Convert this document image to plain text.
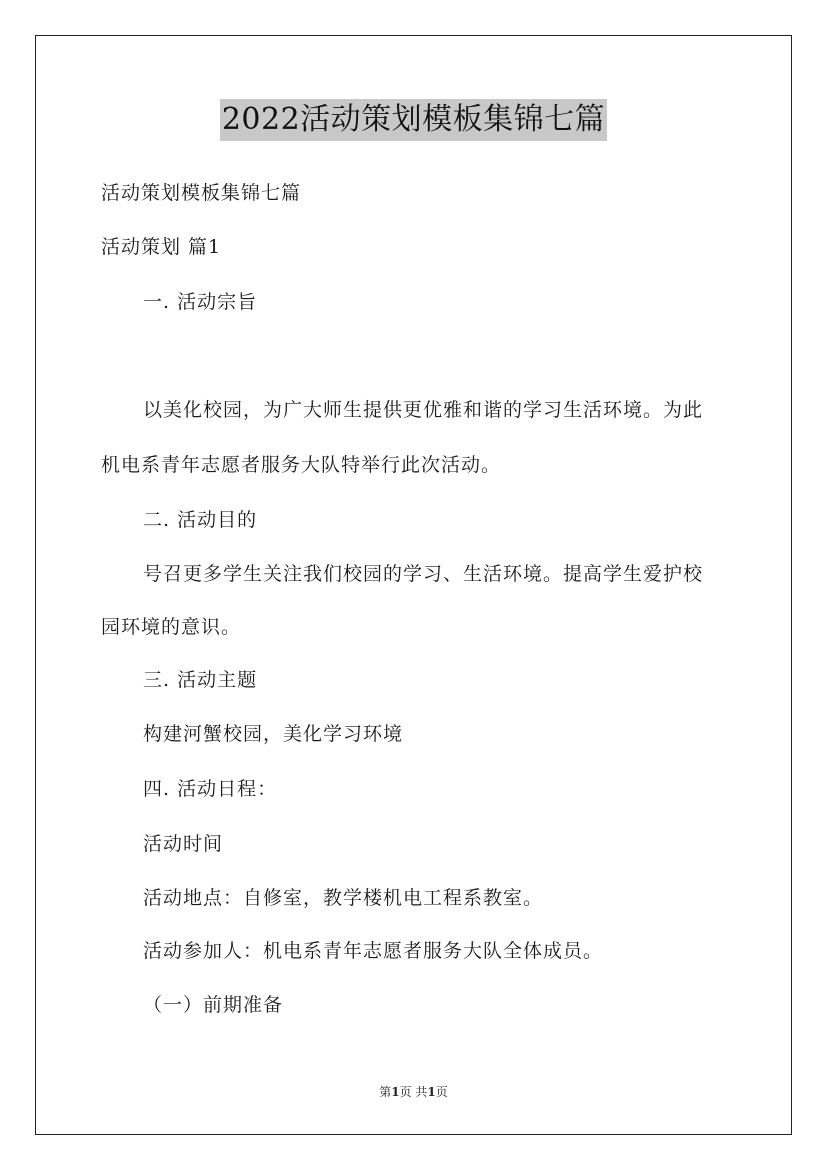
2022活动策划模板集锦七篇
活动策划模板集锦七篇
活动策划 篇1
一. 活动宗旨
以美化校园，为广大师生提供更优雅和谐的学习生活环境。为此
机电系青年志愿者服务大队特举行此次活动。
二. 活动目的
号召更多学生关注我们校园的学习、生活环境。提高学生爱护校
园环境的意识。
三. 活动主题
构建河蟹校园，美化学习环境
四. 活动日程：
活动时间
活动地点：自修室，教学楼机电工程系教室。
活动参加人：机电系青年志愿者服务大队全体成员。
（一）前期准备
第1页 共1页
